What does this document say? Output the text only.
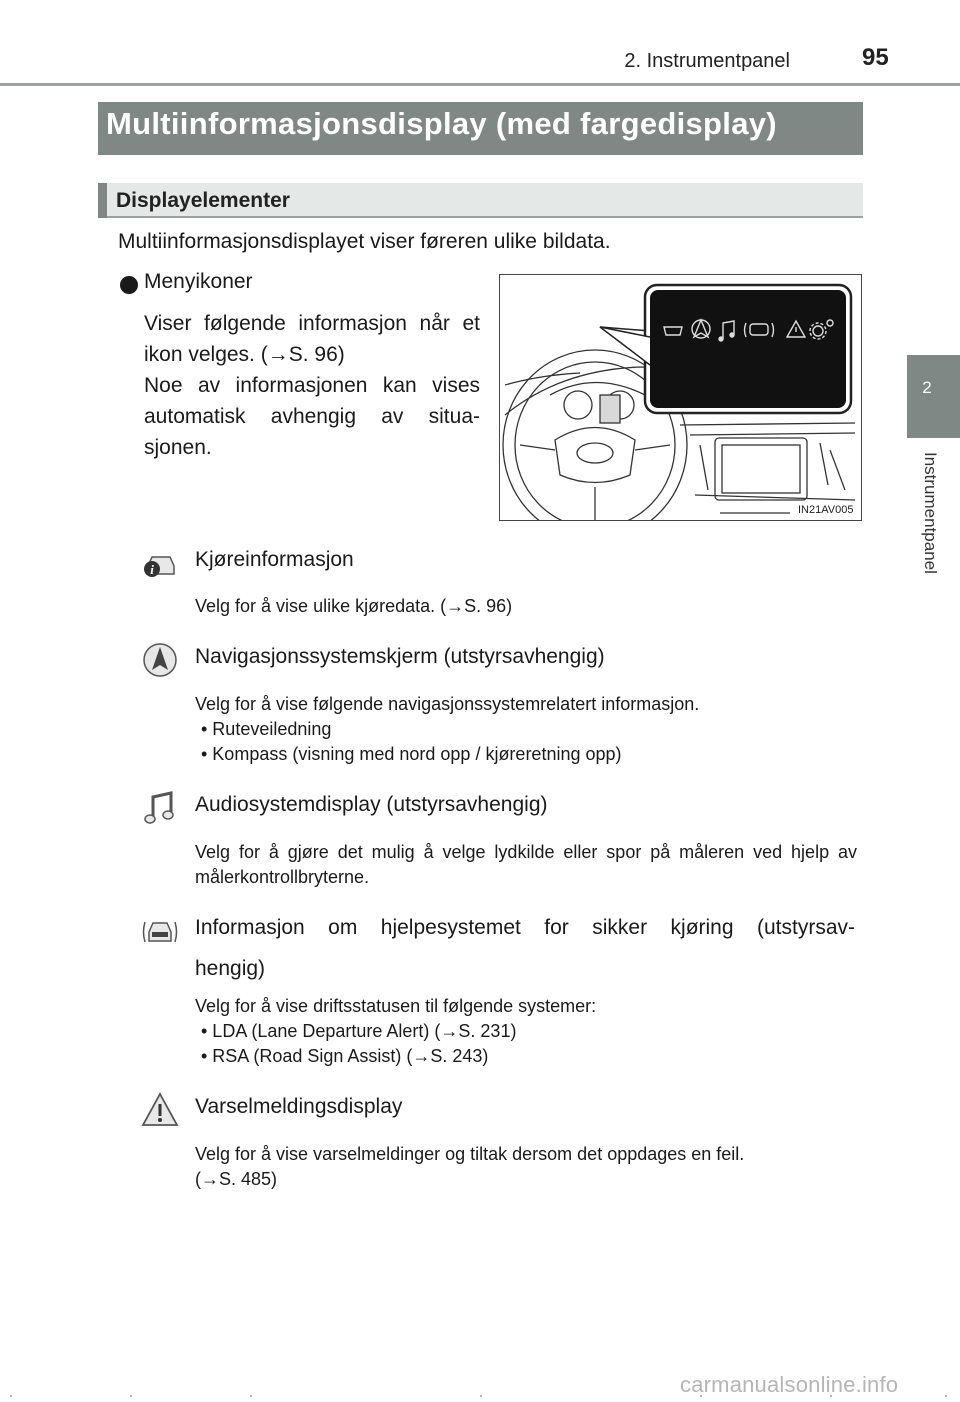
2. Instrumentpanel	95
2
Instrumentpanel
Multiinformasjonsdisplay (med fargedisplay)
Displayelementer
Multiinformasjonsdisplayet viser føreren ulike bildata.
Menyikoner

Viser følgende informasjon når et ikon velges. (→S. 96)

Noe av informasjonen kan vises automatisk avhengig av situa-sjonen.

IN21AV005
i Kjøreinformasjon
Velg for å vise ulike kjøredata. (→S. 96)
Navigasjonssystemskjerm (utstyrsavhengig)

Velg for å vise følgende navigasjonssystemrelatert informasjon.

• Ruteveiledning

• Kompass (visning med nord opp / kjøreretning opp)

Audiosystemdisplay (utstyrsavhengig)
Velg for å gjøre det mulig å velge lydkilde eller spor på måleren ved hjelp av målerkontrollbryterne.
Informasjon om hjelpesystemet for sikker kjøring (utstyrsav-
hengig)

Velg for å vise driftsstatusen til følgende systemer:

• LDA (Lane Departure Alert) (→S. 231)

• RSA (Road Sign Assist) (→S. 243)

Varselmeldingsdisplay

Velg for å vise varselmeldinger og tiltak dersom det oppdages en feil.

(→S. 485)

carmanualsonline.info
